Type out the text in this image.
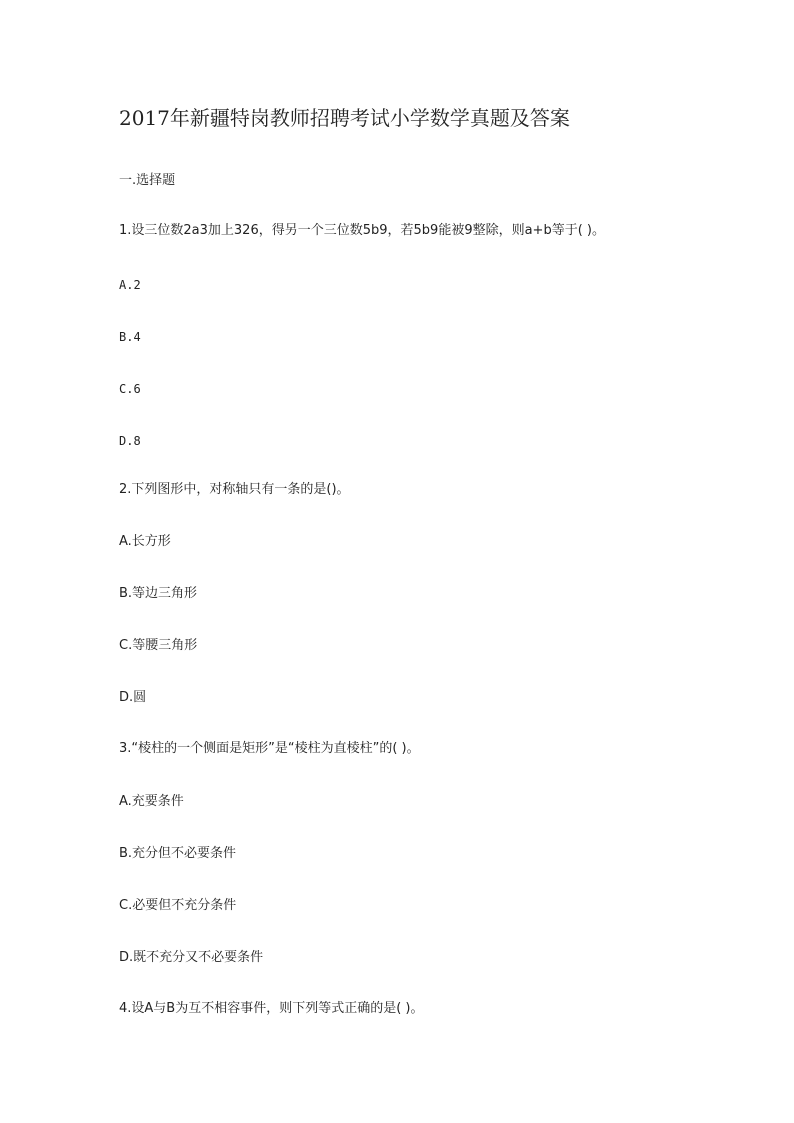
2017年新疆特岗教师招聘考试小学数学真题及答案
一.选择题
1.设三位数2a3加上326，得另一个三位数5b9，若5b9能被9整除，则a+b等于( )。
A.2
B.4
C.6
D.8
2.下列图形中，对称轴只有一条的是()。
A.长方形
B.等边三角形
C.等腰三角形
D.圆
3.“棱柱的一个侧面是矩形”是“棱柱为直棱柱”的( )。
A.充要条件
B.充分但不必要条件
C.必要但不充分条件
D.既不充分又不必要条件
4.设A与B为互不相容事件，则下列等式正确的是( )。
